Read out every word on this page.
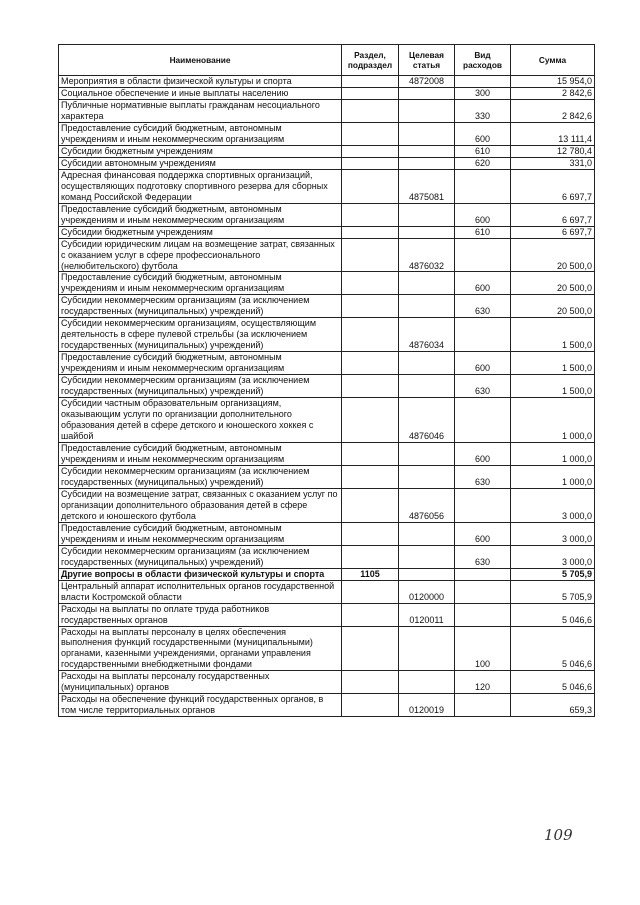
Наименование	Раздел, подраздел	Целевая статья	Вид расходов	Сумма
Мероприятия в области физической культуры и спорта		4872008		15 954,0
Социальное обеспечение и иные выплаты населению			300	2 842,6
Публичные нормативные выплаты гражданам несоциального характера			330	2 842,6
Предоставление субсидий бюджетным, автономным учреждениям и иным некоммерческим организациям			600	13 111,4
Субсидии бюджетным учреждениям			610	12 780,4
Субсидии автономным учреждениям			620	331,0
Адресная финансовая поддержка спортивных организаций, осуществляющих подготовку спортивного резерва для сборных команд Российской Федерации		4875081		6 697,7
Предоставление субсидий бюджетным, автономным учреждениям и иным некоммерческим организациям			600	6 697,7
Субсидии бюджетным учреждениям			610	6 697,7
Субсидии юридическим лицам на возмещение затрат, связанных с оказанием услуг в сфере профессионального (нелюбительского) футбола		4876032		20 500,0
Предоставление субсидий бюджетным, автономным учреждениям и иным некоммерческим организациям			600	20 500,0
Субсидии некоммерческим организациям (за исключением государственных (муниципальных) учреждений)			630	20 500,0
Субсидии некоммерческим организациям, осуществляющим деятельность в сфере пулевой стрельбы (за исключением государственных (муниципальных) учреждений)		4876034		1 500,0
Предоставление субсидий бюджетным, автономным учреждениям и иным некоммерческим организациям			600	1 500,0
Субсидии некоммерческим организациям (за исключением государственных (муниципальных) учреждений)			630	1 500,0
Субсидии частным образовательным организациям, оказывающим услуги по организации дополнительного образования детей в сфере детского и юношеского хоккея с шайбой		4876046		1 000,0
Предоставление субсидий бюджетным, автономным учреждениям и иным некоммерческим организациям			600	1 000,0
Субсидии некоммерческим организациям (за исключением государственных (муниципальных) учреждений)			630	1 000,0
Субсидии на возмещение затрат, связанных с оказанием услуг по организации дополнительного образования детей в сфере детского и юношеского футбола		4876056		3 000,0
Предоставление субсидий бюджетным, автономным учреждениям и иным некоммерческим организациям			600	3 000,0
Субсидии некоммерческим организациям (за исключением государственных (муниципальных) учреждений)			630	3 000,0
Другие вопросы в области физической культуры и спорта	1105			5 705,9
Центральный аппарат исполнительных органов государственной власти Костромской области		0120000		5 705,9
Расходы на выплаты по оплате труда работников государственных органов		0120011		5 046,6
Расходы на выплаты персоналу в целях обеспечения выполнения функций государственными (муниципальными) органами, казенными учреждениями, органами управления государственными внебюджетными фондами			100	5 046,6
Расходы на выплаты персоналу государственных (муниципальных) органов			120	5 046,6
Расходы на обеспечение функций государственных органов, в том числе территориальных органов		0120019		659,3
109
